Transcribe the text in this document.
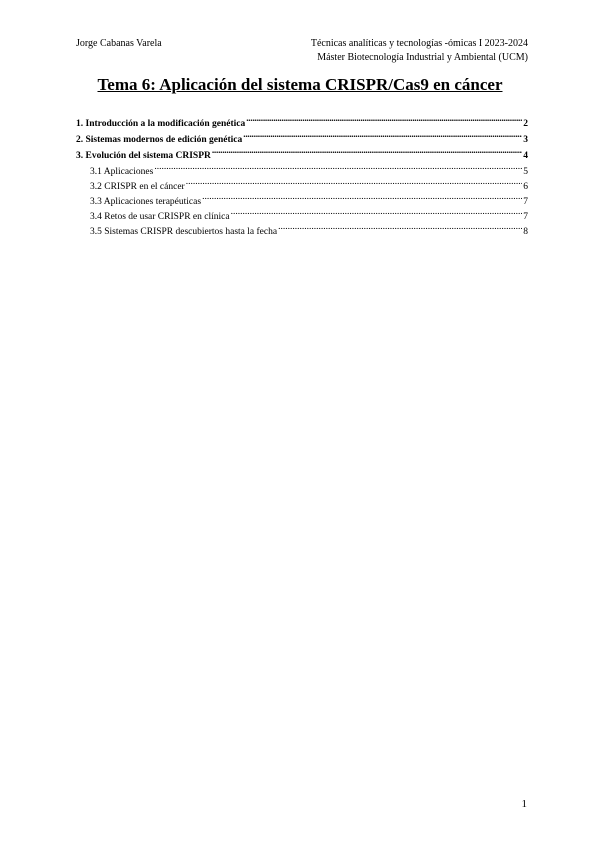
Jorge Cabanas Varela	Técnicas analíticas y tecnologías -ómicas I 2023-2024
Máster Biotecnología Industrial y Ambiental (UCM)
Tema 6: Aplicación del sistema CRISPR/Cas9 en cáncer
1. Introducción a la modificación genética .....	2
2. Sistemas modernos de edición genética .....	3
3. Evolución del sistema CRISPR .....	4
3.1 Aplicaciones .....	5
3.2 CRISPR en el cáncer .....	6
3.3 Aplicaciones terapéuticas .....	7
3.4 Retos de usar CRISPR en clínica .....	7
3.5 Sistemas CRISPR descubiertos hasta la fecha .....	8
1
